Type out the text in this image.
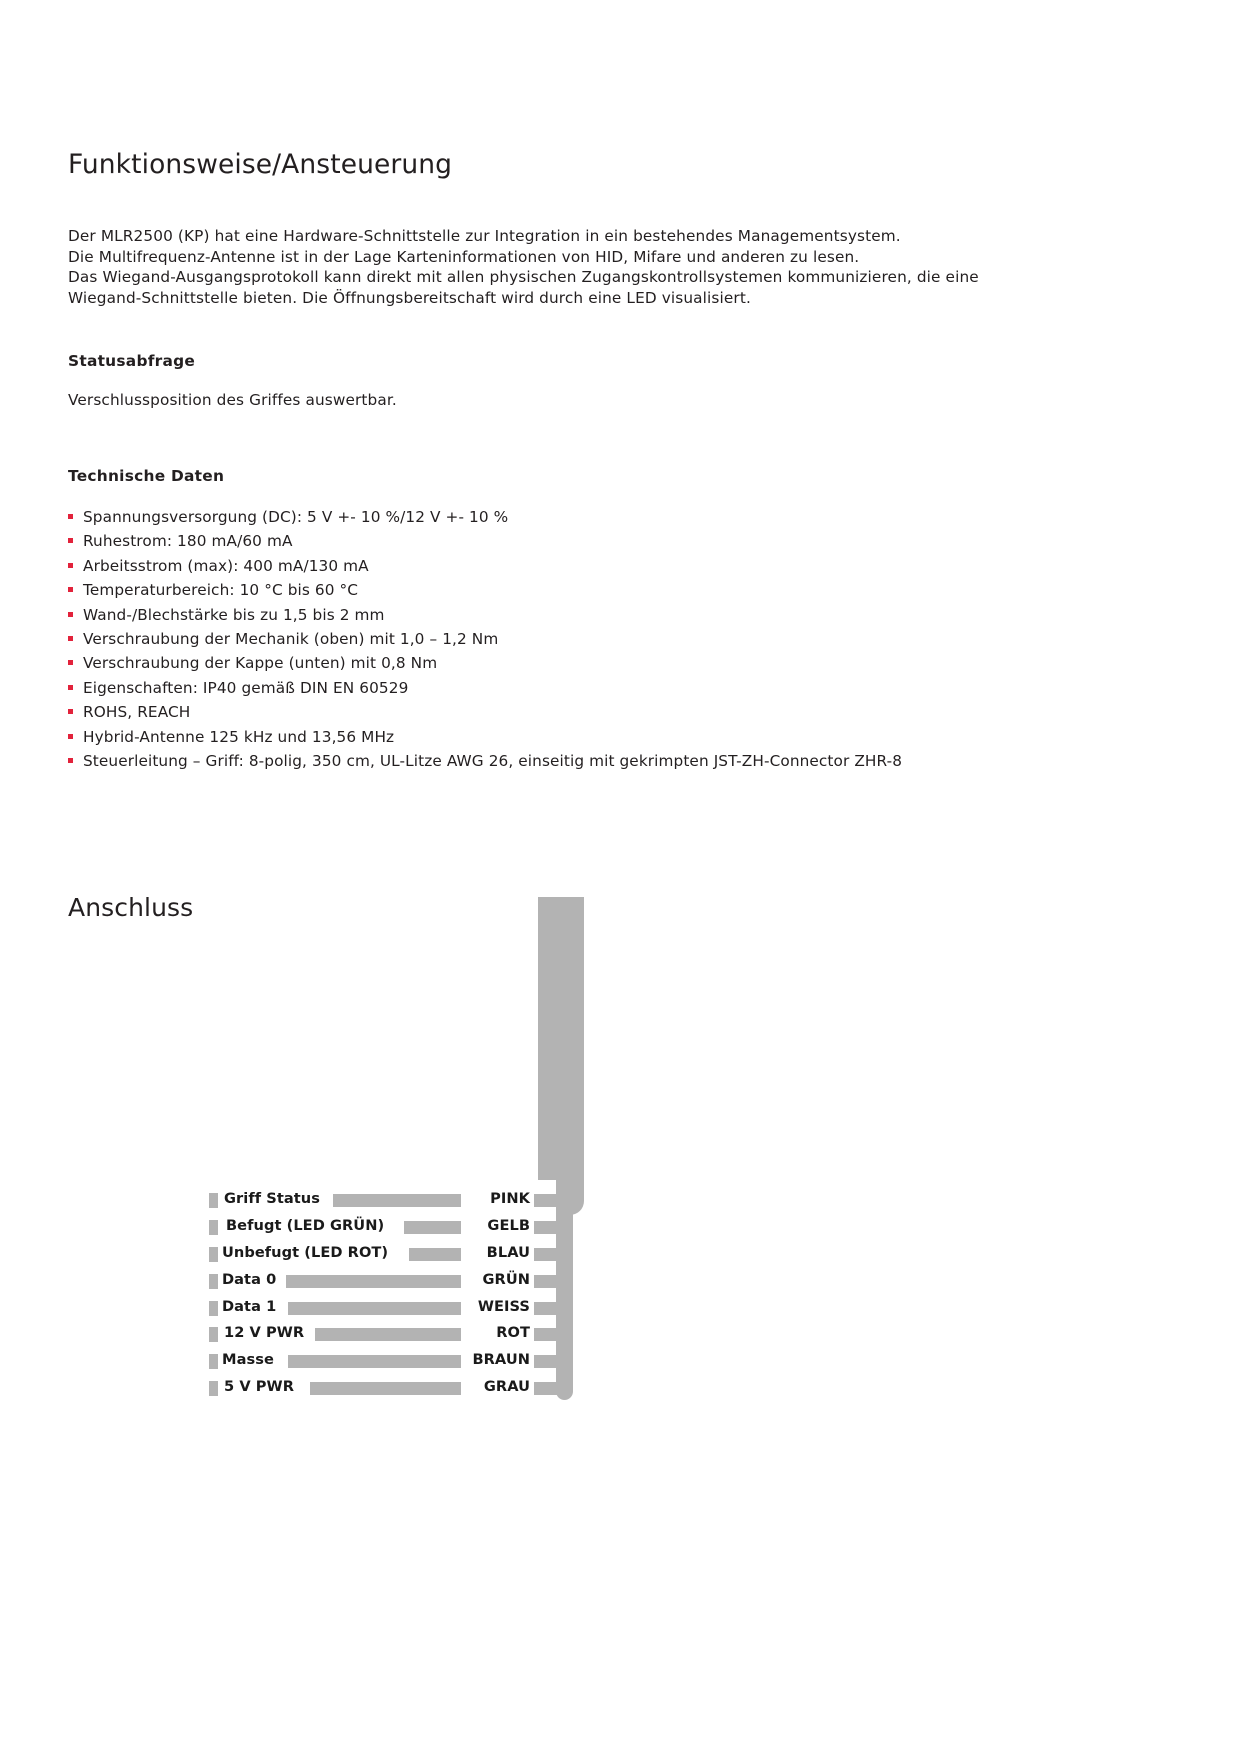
Funktionsweise/Ansteuerung
Der MLR2500 (KP) hat eine Hardware-Schnittstelle zur Integration in ein bestehendes Managementsystem.
Die Multifrequenz-Antenne ist in der Lage Karteninformationen von HID, Mifare und anderen zu lesen.
Das Wiegand-Ausgangsprotokoll kann direkt mit allen physischen Zugangskontrollsystemen kommunizieren, die eine
Wiegand-Schnittstelle bieten. Die Öffnungsbereitschaft wird durch eine LED visualisiert.
Statusabfrage
Verschlussposition des Griffes auswertbar.
Technische Daten
Spannungsversorgung (DC): 5 V +- 10 %/12 V +- 10 %
Ruhestrom: 180 mA/60 mA
Arbeitsstrom (max): 400 mA/130 mA
Temperaturbereich: 10 °C bis 60 °C
Wand-/Blechstärke bis zu 1,5 bis 2 mm
Verschraubung der Mechanik (oben) mit 1,0 – 1,2 Nm
Verschraubung der Kappe (unten) mit 0,8 Nm
Eigenschaften: IP40 gemäß DIN EN 60529
ROHS, REACH
Hybrid-Antenne 125 kHz und 13,56 MHz
Steuerleitung – Griff: 8-polig, 350 cm, UL-Litze AWG 26, einseitig mit gekrimpten JST-ZH-Connector ZHR-8
Anschluss
Griff Status	PINK
Befugt (LED GRÜN)	GELB
Unbefugt (LED ROT)	BLAU
Data 0	GRÜN
Data 1	WEISS
12 V PWR	ROT
Masse	BRAUN
5 V PWR	GRAU
